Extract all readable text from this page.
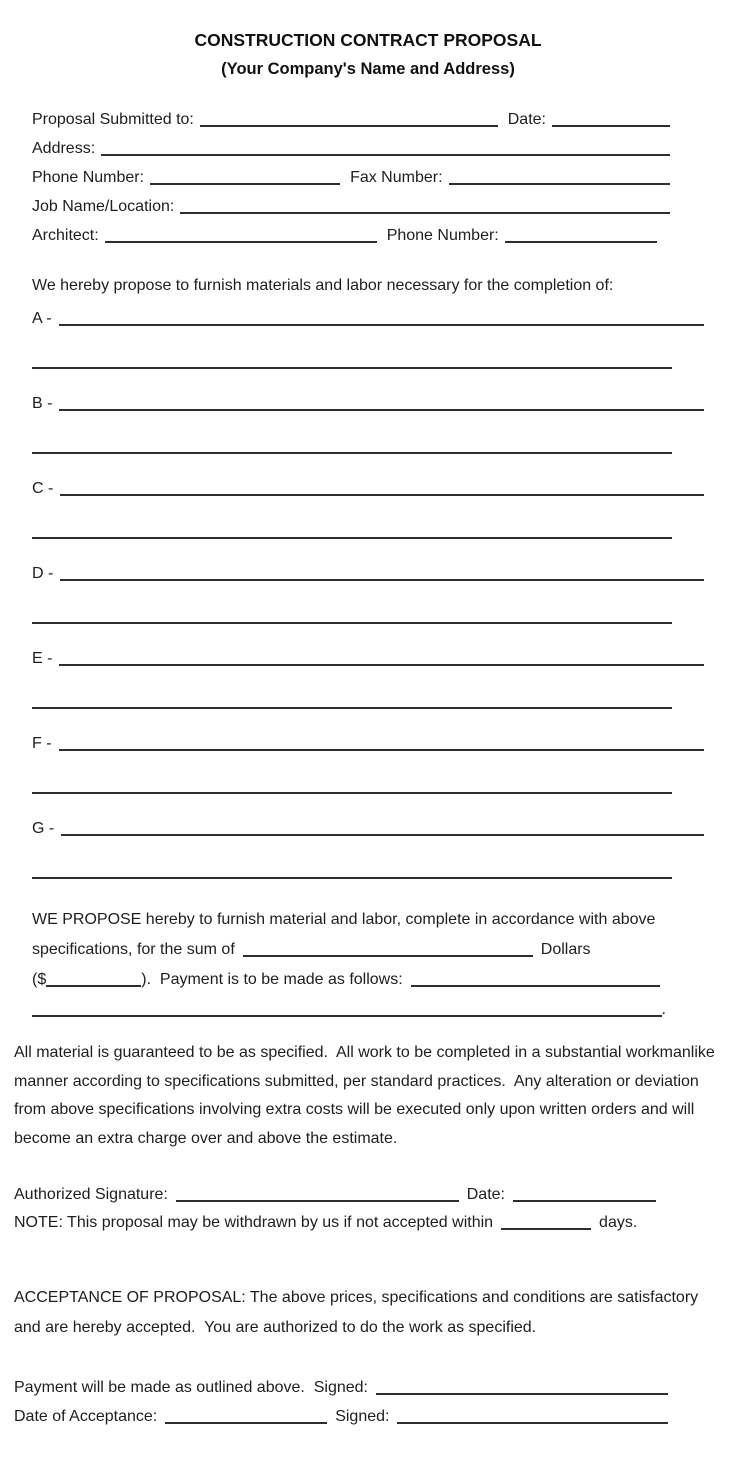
CONSTRUCTION CONTRACT PROPOSAL
(Your Company's Name and Address)
Proposal Submitted to:	Date:
Address:
Phone Number:	Fax Number:
Job Name/Location:
Architect:	Phone Number:
We hereby propose to furnish materials and labor necessary for the completion of:
A -
B -
C -
D -
E -
F -
G -
WE PROPOSE hereby to furnish material and labor, complete in accordance with above
specifications, for the sum of	Dollars
($	).  Payment is to be made as follows:
.
All material is guaranteed to be as specified.  All work to be completed in a substantial workmanlike manner according to specifications submitted, per standard practices.  Any alteration or deviation from above specifications involving extra costs will be executed only upon written orders and will become an extra charge over and above the estimate.
Authorized Signature:	Date:
NOTE: This proposal may be withdrawn by us if not accepted within	days.
ACCEPTANCE OF PROPOSAL: The above prices, specifications and conditions are satisfactory and are hereby accepted.  You are authorized to do the work as specified.
Payment will be made as outlined above.  Signed:
Date of Acceptance:	Signed:
